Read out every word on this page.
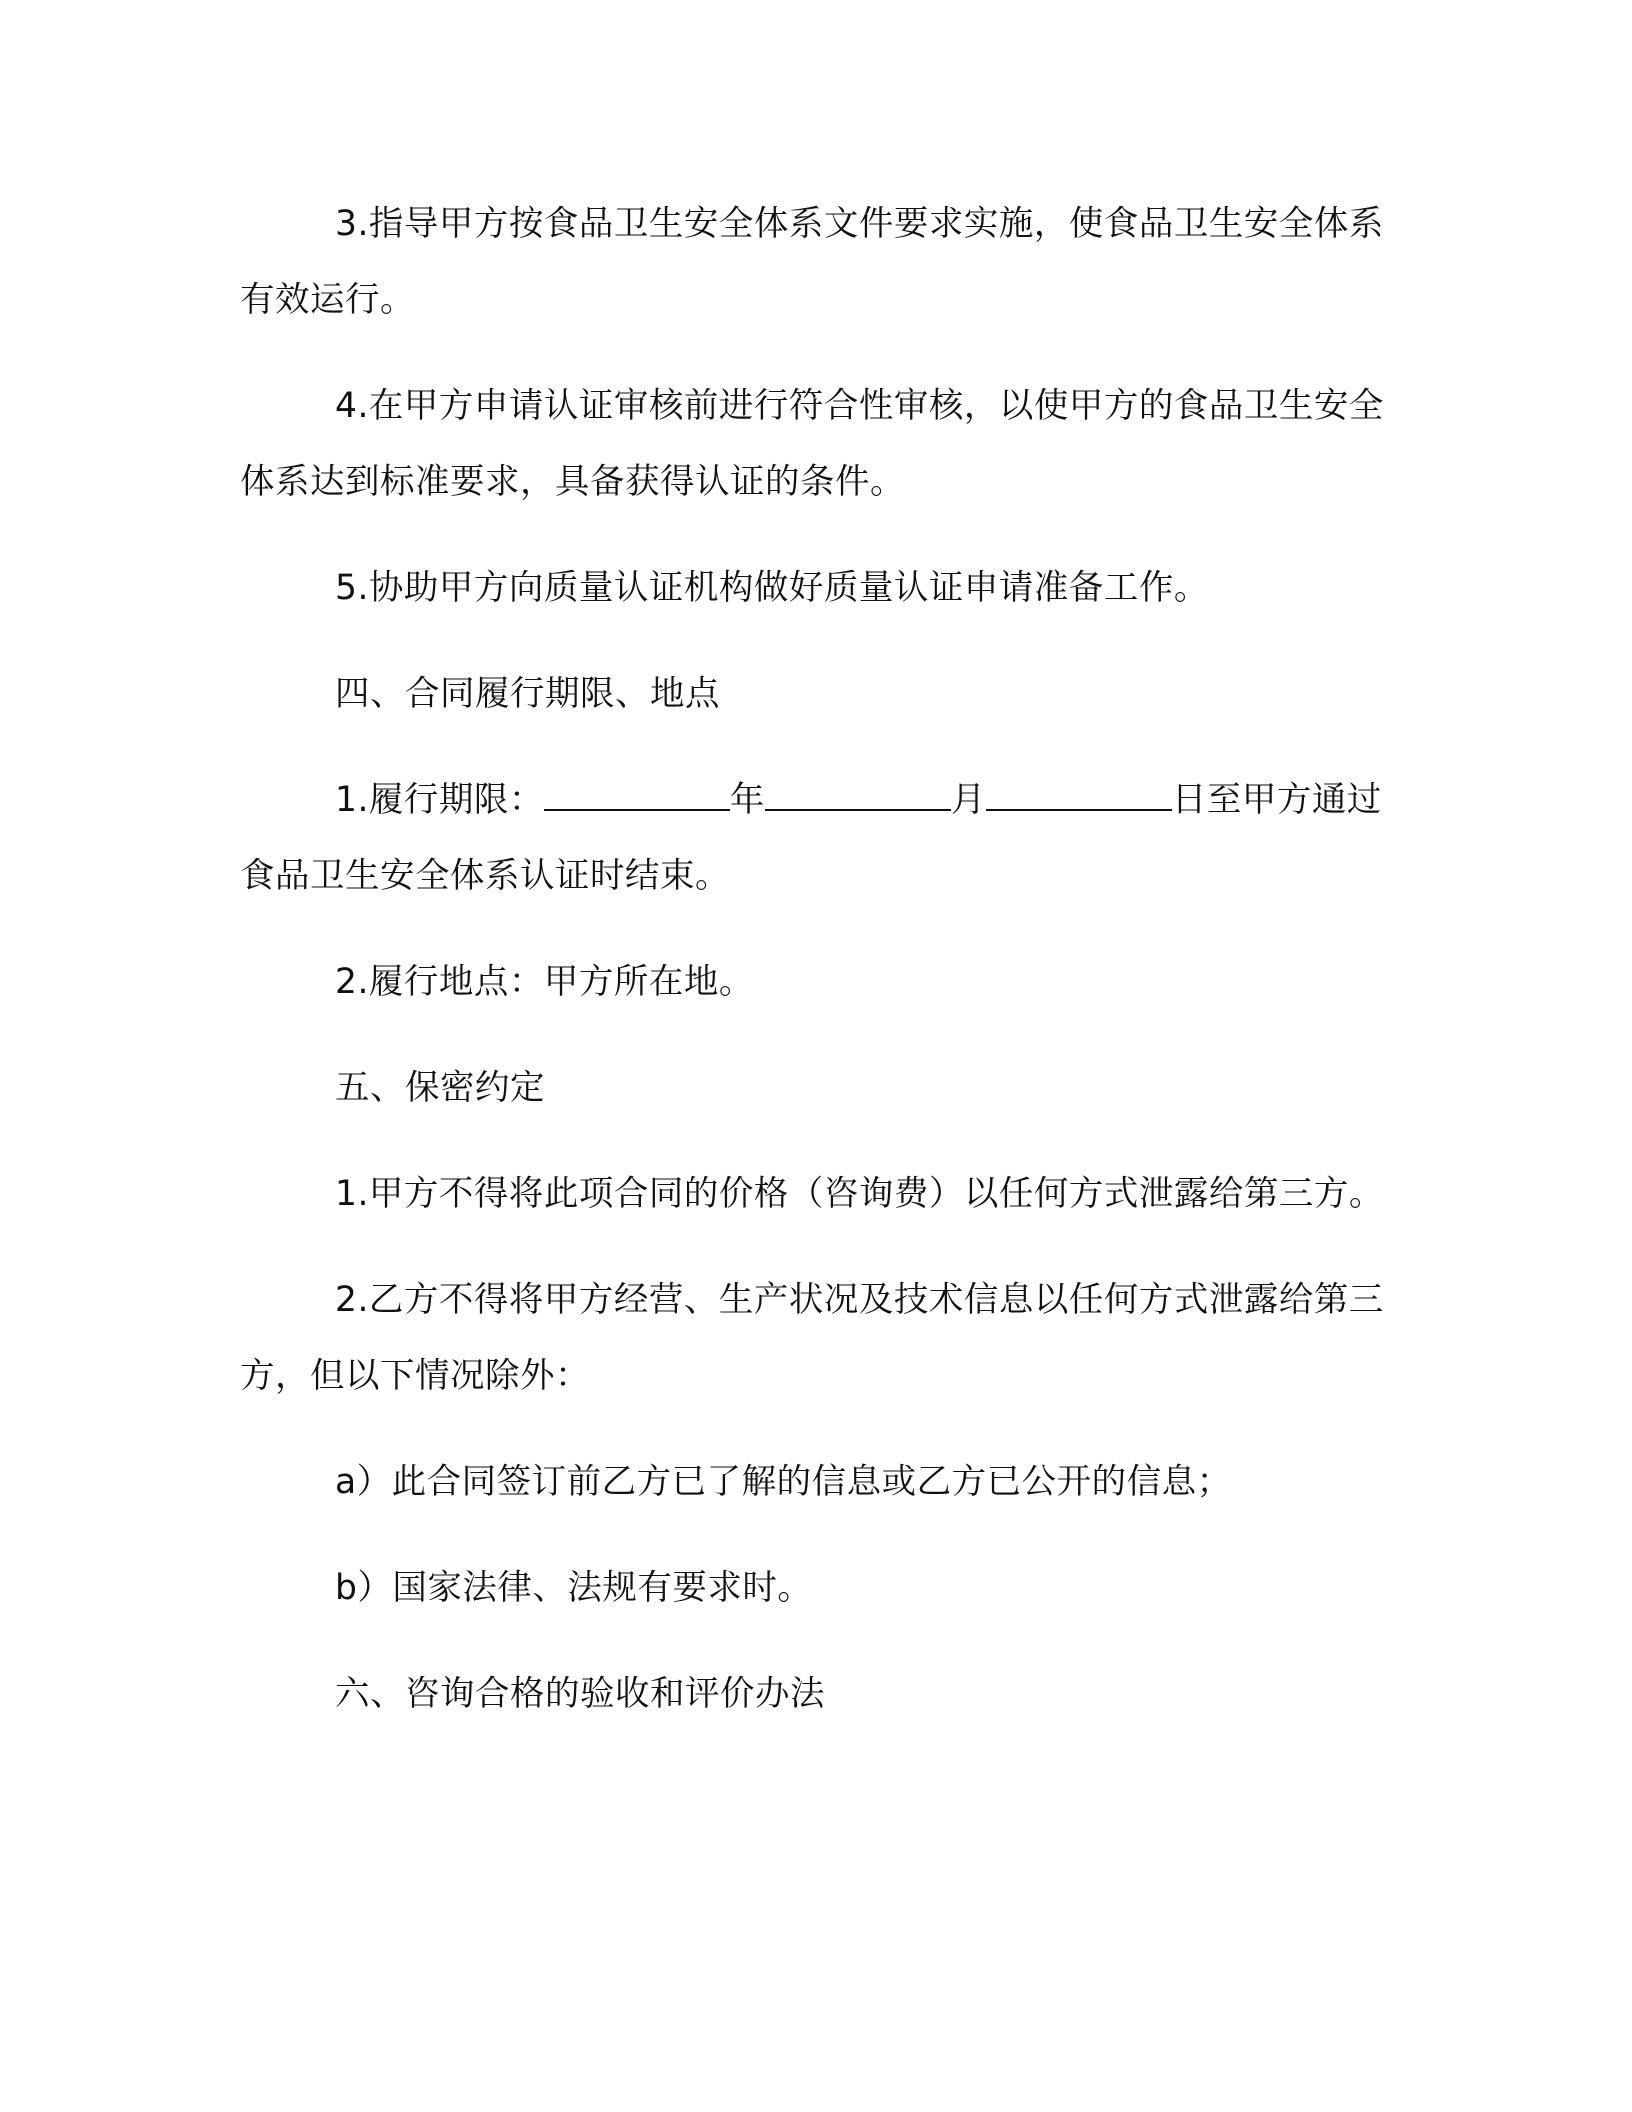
3.指导甲方按食品卫生安全体系文件要求实施，使食品卫生安全体系有效运行。

4.在甲方申请认证审核前进行符合性审核，以使甲方的食品卫生安全体系达到标准要求，具备获得认证的条件。

5.协助甲方向质量认证机构做好质量认证申请准备工作。

四、合同履行期限、地点

1.履行期限：	年	月	日至甲方通过食品卫生安全体系认证时结束。

2.履行地点：甲方所在地。

五、保密约定

1.甲方不得将此项合同的价格（咨询费）以任何方式泄露给第三方。

2.乙方不得将甲方经营、生产状况及技术信息以任何方式泄露给第三方，但以下情况除外：

a）此合同签订前乙方已了解的信息或乙方已公开的信息；

b）国家法律、法规有要求时。

六、咨询合格的验收和评价办法
